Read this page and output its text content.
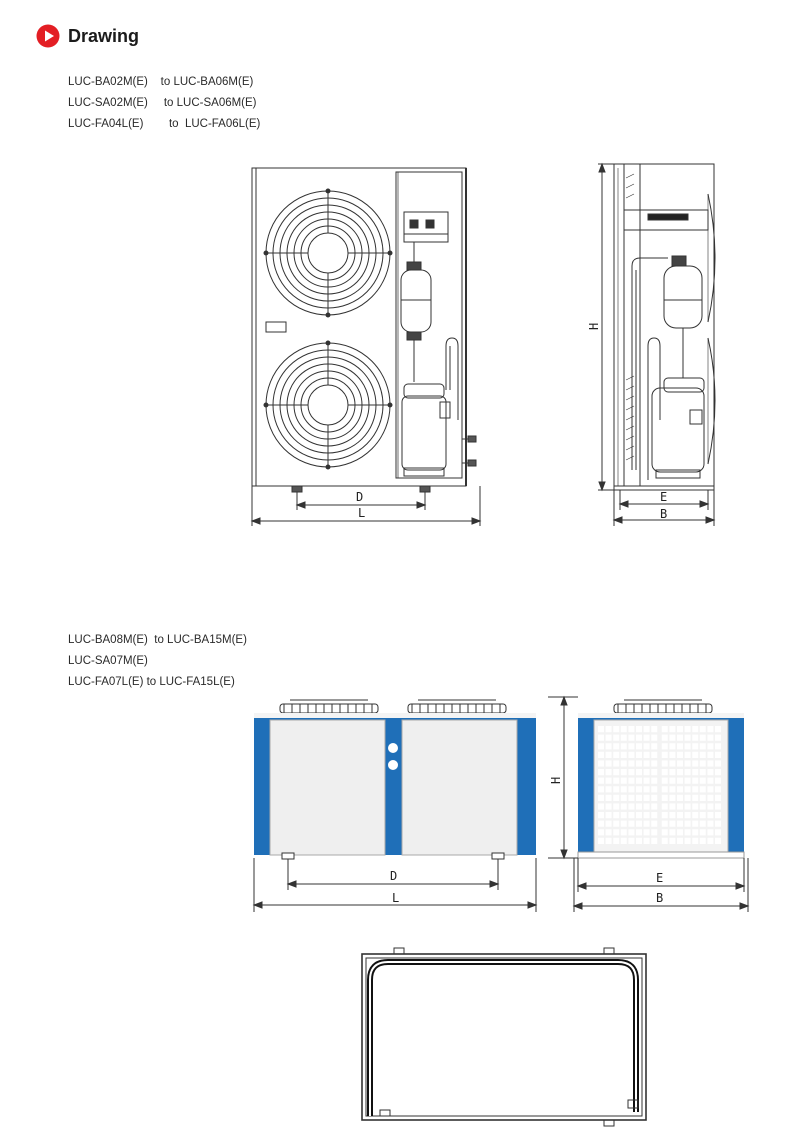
Drawing
LUC-BA02M(E)    to LUC-BA06M(E)
LUC-SA02M(E)     to LUC-SA06M(E)
LUC-FA04L(E)        to  LUC-FA06L(E)
D
L
H
E
B
LUC-BA08M(E)  to LUC-BA15M(E)
LUC-SA07M(E)
LUC-FA07L(E) to LUC-FA15L(E)
D
L
H
E
B
